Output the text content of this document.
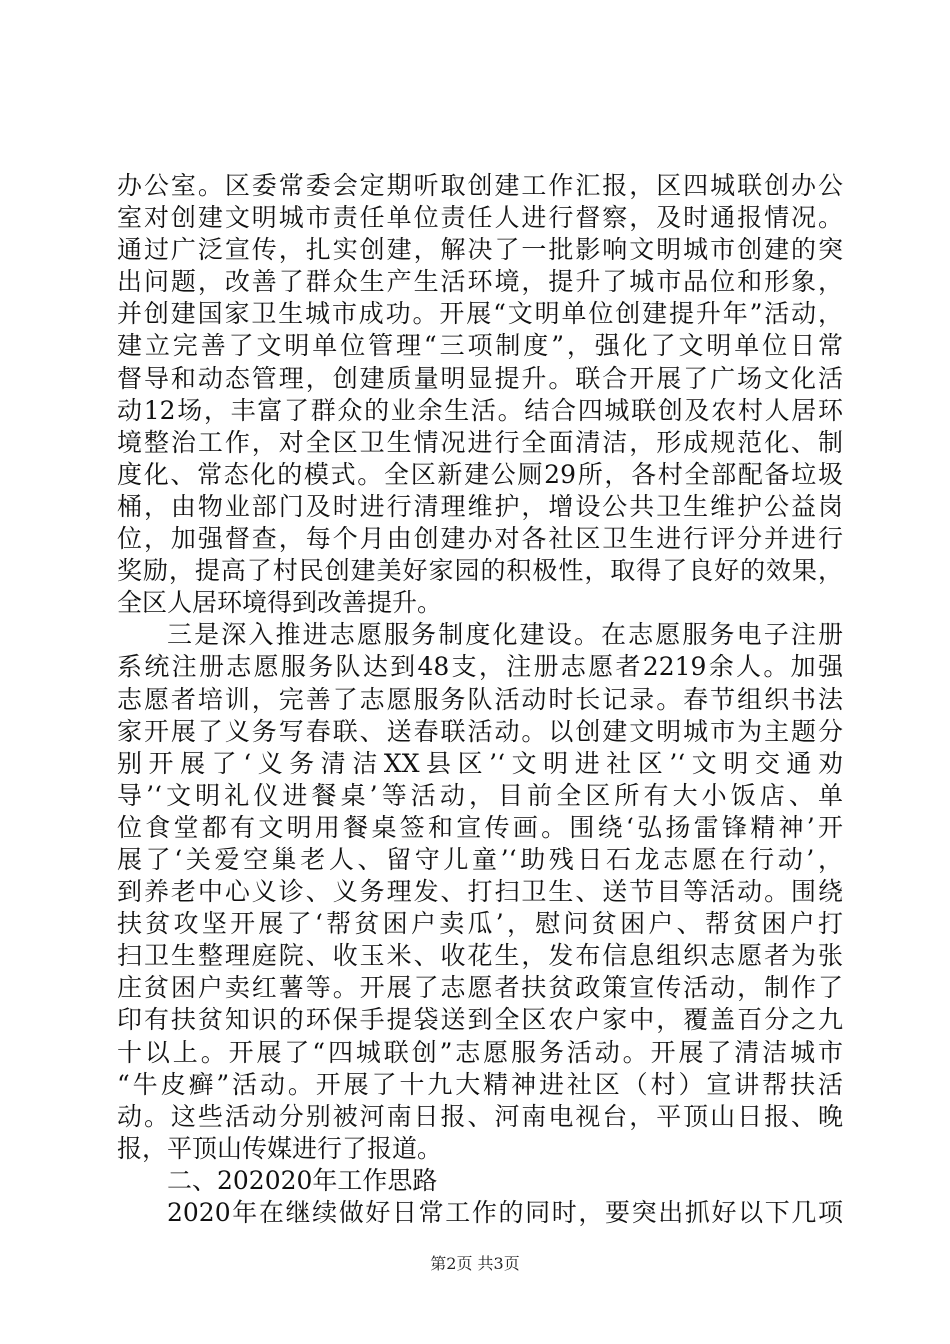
办公室。区委常委会定期听取创建工作汇报，区四城联创办公
室对创建文明城市责任单位责任人进行督察，及时通报情况。
通过广泛宣传，扎实创建，解决了一批影响文明城市创建的突
出问题，改善了群众生产生活环境，提升了城市品位和形象，
并创建国家卫生城市成功。开展“文明单位创建提升年”活动，
建立完善了文明单位管理“三项制度”，强化了文明单位日常
督导和动态管理，创建质量明显提升。联合开展了广场文化活
动12场，丰富了群众的业余生活。结合四城联创及农村人居环
境整治工作，对全区卫生情况进行全面清洁，形成规范化、制
度化、常态化的模式。全区新建公厕29所，各村全部配备垃圾
桶，由物业部门及时进行清理维护，增设公共卫生维护公益岗
位，加强督查，每个月由创建办对各社区卫生进行评分并进行
奖励，提高了村民创建美好家园的积极性，取得了良好的效果，
全区人居环境得到改善提升。
三是深入推进志愿服务制度化建设。在志愿服务电子注册
系统注册志愿服务队达到48支，注册志愿者2219余人。加强
志愿者培训，完善了志愿服务队活动时长记录。春节组织书法
家开展了义务写春联、送春联活动。以创建文明城市为主题分
别开展了‘义务清洁XX县区’‘文明进社区’‘文明交通劝
导’‘文明礼仪进餐桌’等活动，目前全区所有大小饭店、单
位食堂都有文明用餐桌签和宣传画。围绕‘弘扬雷锋精神’开
展了‘关爱空巢老人、留守儿童’‘助残日石龙志愿在行动’，
到养老中心义诊、义务理发、打扫卫生、送节目等活动。围绕
扶贫攻坚开展了‘帮贫困户卖瓜’，慰问贫困户、帮贫困户打
扫卫生整理庭院、收玉米、收花生，发布信息组织志愿者为张
庄贫困户卖红薯等。开展了志愿者扶贫政策宣传活动，制作了
印有扶贫知识的环保手提袋送到全区农户家中，覆盖百分之九
十以上。开展了“四城联创”志愿服务活动。开展了清洁城市
“牛皮癣”活动。开展了十九大精神进社区（村）宣讲帮扶活
动。这些活动分别被河南日报、河南电视台，平顶山日报、晚
报，平顶山传媒进行了报道。
二、202020年工作思路
2020年在继续做好日常工作的同时，要突出抓好以下几项
第2页 共3页
